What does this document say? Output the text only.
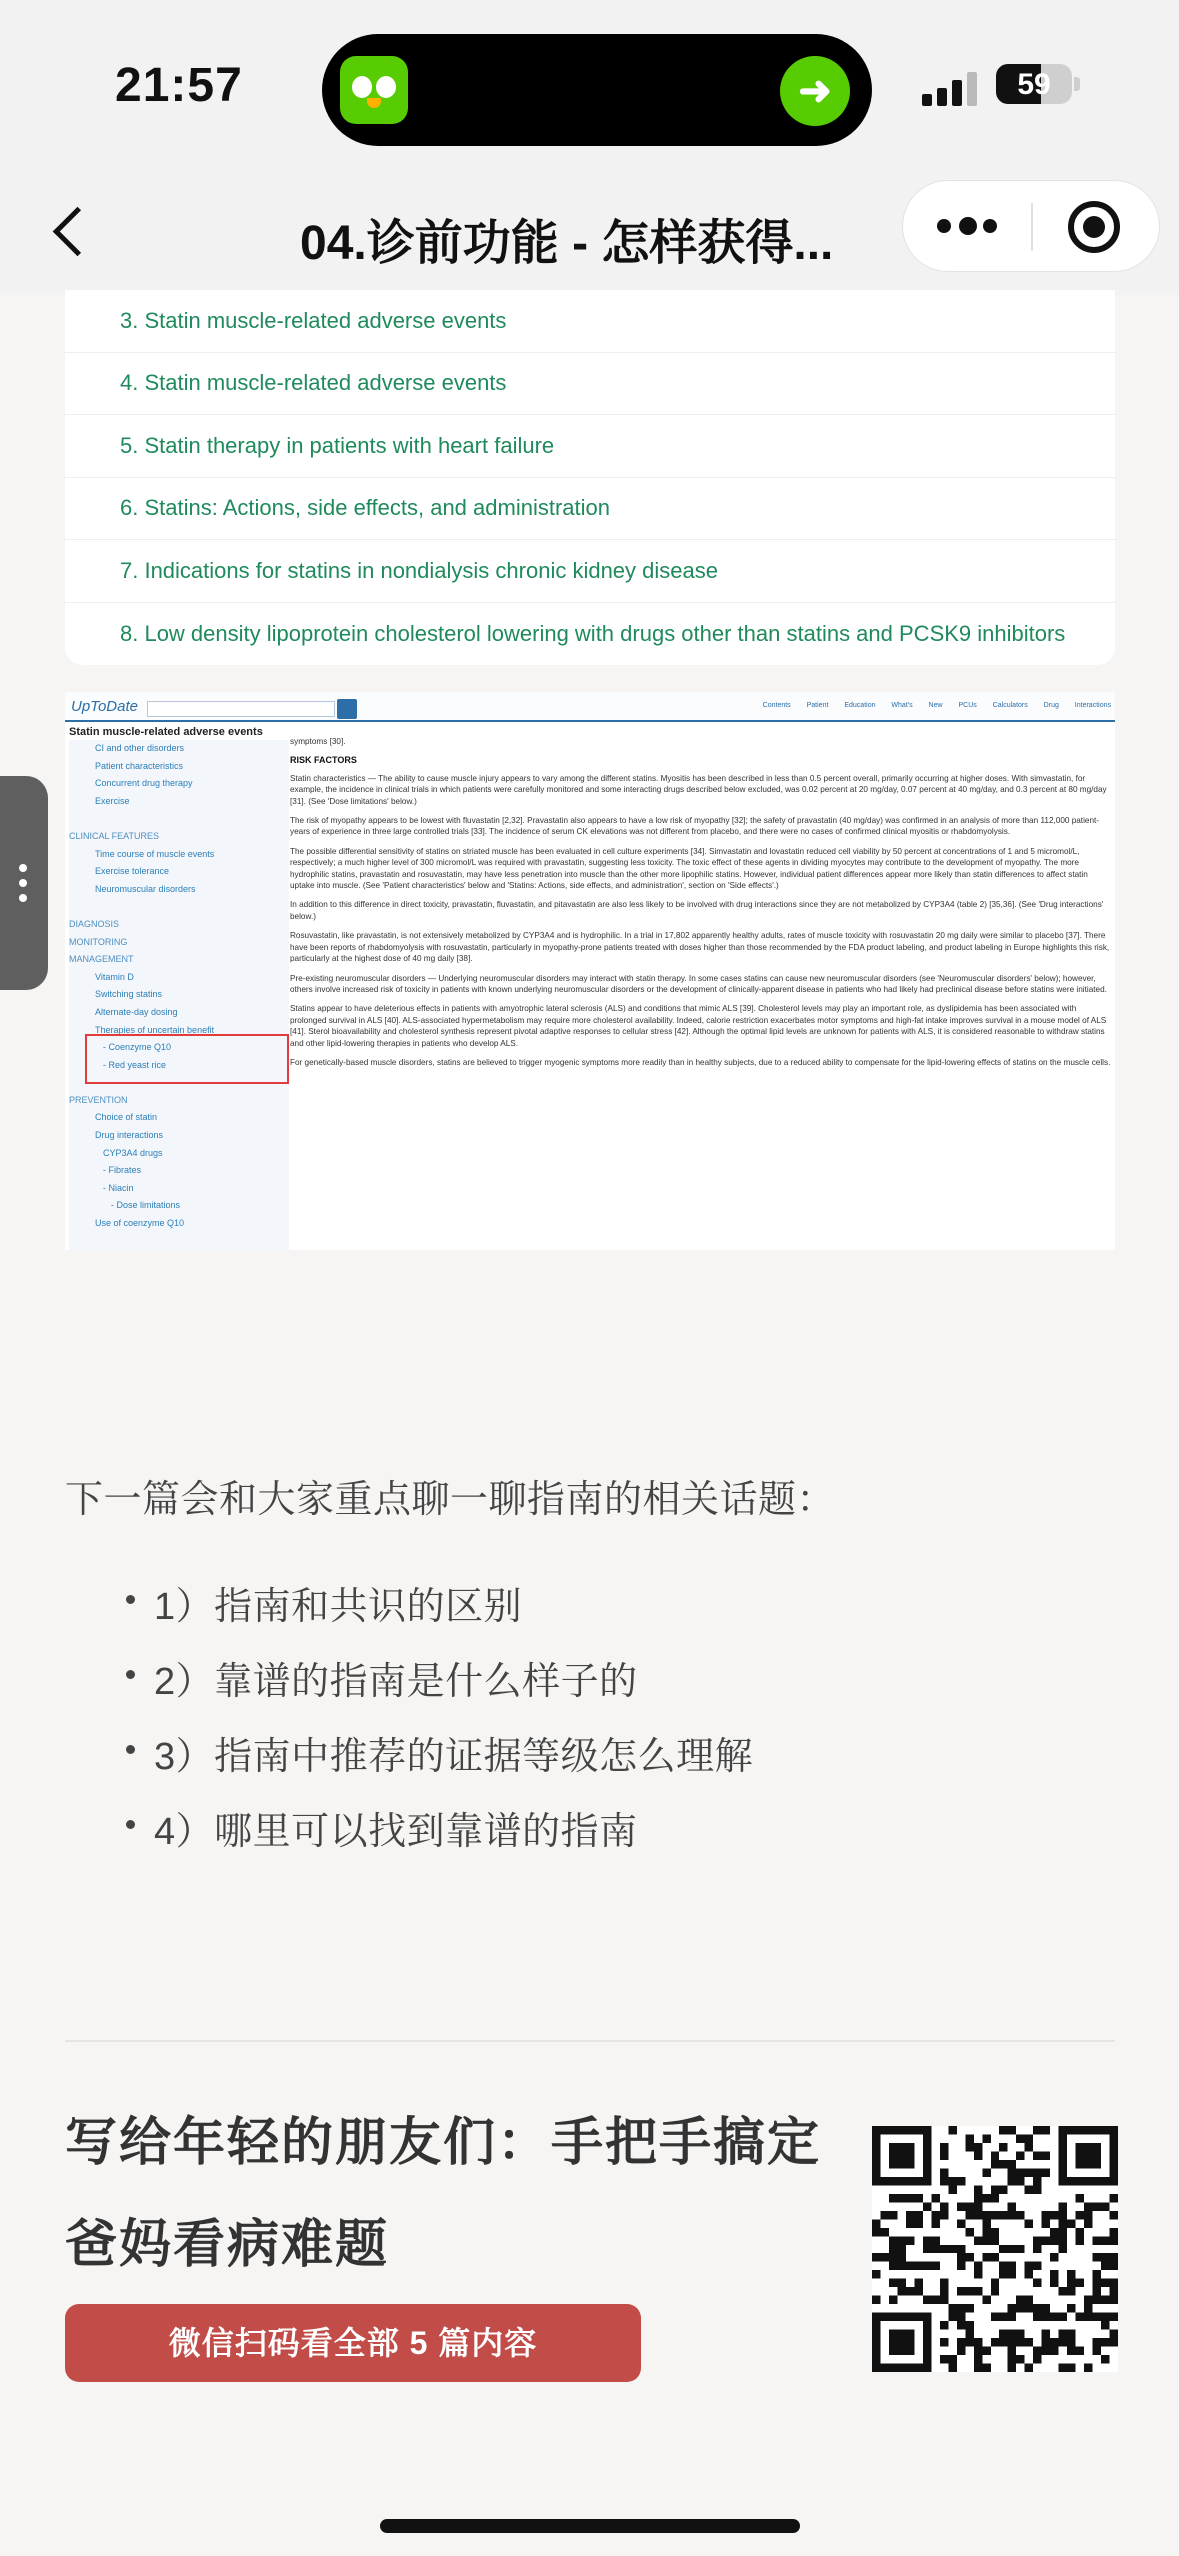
21:57	➜	59
04.诊前功能 - 怎样获得...
3. Statin muscle-related adverse events
4. Statin muscle-related adverse events
5. Statin therapy in patients with heart failure
6. Statins: Actions, side effects, and administration
7. Indications for statins in nondialysis chronic kidney disease
8. Low density lipoprotein cholesterol lowering with drugs other than statins and PCSK9 inhibitors
UpToDate	Contents Patient Education What's New PCUs Calculators Drug Interactions
Statin muscle-related adverse events
CI and other disorders
Patient characteristics
Concurrent drug therapy
Exercise
CLINICAL FEATURES
Time course of muscle events
Exercise tolerance
Neuromuscular disorders
DIAGNOSIS
MONITORING
MANAGEMENT
Vitamin D
Switching statins
Alternate-day dosing
Therapies of uncertain benefit
- Coenzyme Q10
- Red yeast rice
PREVENTION
Choice of statin
Drug interactions
CYP3A4 drugs
- Fibrates
- Niacin
- Dose limitations
Use of coenzyme Q10

symptoms [30].

RISK FACTORS

Statin characteristics — The ability to cause muscle injury appears to vary among the different statins. Myositis has been described in less than 0.5 percent overall, primarily occurring at higher doses. With simvastatin, for example, the incidence in clinical trials in which patients were carefully monitored and some interacting drugs described below excluded, was 0.02 percent at 20 mg/day, 0.07 percent at 40 mg/day, and 0.3 percent at 80 mg/day [31]. (See 'Dose limitations' below.)

The risk of myopathy appears to be lowest with fluvastatin [2,32]. Pravastatin also appears to have a low risk of myopathy [32]; the safety of pravastatin (40 mg/day) was confirmed in an analysis of more than 112,000 patient-years of experience in three large controlled trials [33]. The incidence of serum CK elevations was not different from placebo, and there were no cases of confirmed clinical myositis or rhabdomyolysis.

The possible differential sensitivity of statins on striated muscle has been evaluated in cell culture experiments [34]. Simvastatin and lovastatin reduced cell viability by 50 percent at concentrations of 1 and 5 micromol/L, respectively; a much higher level of 300 micromol/L was required with pravastatin, suggesting less toxicity. The toxic effect of these agents in dividing myocytes may contribute to the development of myopathy. The more hydrophilic statins, pravastatin and rosuvastatin, may have less penetration into muscle than the other more lipophilic statins. However, individual patient differences appear more likely than statin differences to affect statin uptake into muscle. (See 'Patient characteristics' below and 'Statins: Actions, side effects, and administration', section on 'Side effects'.)

In addition to this difference in direct toxicity, pravastatin, fluvastatin, and pitavastatin are also less likely to be involved with drug interactions since they are not metabolized by CYP3A4 (table 2) [35,36]. (See 'Drug interactions' below.)

Rosuvastatin, like pravastatin, is not extensively metabolized by CYP3A4 and is hydrophilic. In a trial in 17,802 apparently healthy adults, rates of muscle toxicity with rosuvastatin 20 mg daily were similar to placebo [37]. There have been reports of rhabdomyolysis with rosuvastatin, particularly in myopathy-prone patients treated with doses higher than those recommended by the FDA product labeling, and product labeling in Europe highlights this risk, particularly at the highest dose of 40 mg daily [38].

Pre-existing neuromuscular disorders — Underlying neuromuscular disorders may interact with statin therapy. In some cases statins can cause new neuromuscular disorders (see 'Neuromuscular disorders' below); however, others involve increased risk of toxicity in patients with known underlying neuromuscular disorders or the development of clinically-apparent disease in patients who had likely had preclinical disease before statins were initiated.

Statins appear to have deleterious effects in patients with amyotrophic lateral sclerosis (ALS) and conditions that mimic ALS [39]. Cholesterol levels may play an important role, as dyslipidemia has been associated with prolonged survival in ALS [40]. ALS-associated hypermetabolism may require more cholesterol availability. Indeed, calorie restriction exacerbates motor symptoms and high-fat intake improves survival in a mouse model of ALS [41]. Sterol bioavailability and cholesterol synthesis represent pivotal adaptive responses to cellular stress [42]. Although the optimal lipid levels are unknown for patients with ALS, it is considered reasonable to withdraw statins and other lipid-lowering therapies in patients who develop ALS.

For genetically-based muscle disorders, statins are believed to trigger myogenic symptoms more readily than in healthy subjects, due to a reduced ability to compensate for the lipid-lowering effects of statins on the muscle cells.

下一篇会和大家重点聊一聊指南的相关话题：
1）指南和共识的区别
2）靠谱的指南是什么样子的
3）指南中推荐的证据等级怎么理解
4）哪里可以找到靠谱的指南
写给年轻的朋友们：手把手搞定
爸妈看病难题
微信扫码看全部 5 篇内容
